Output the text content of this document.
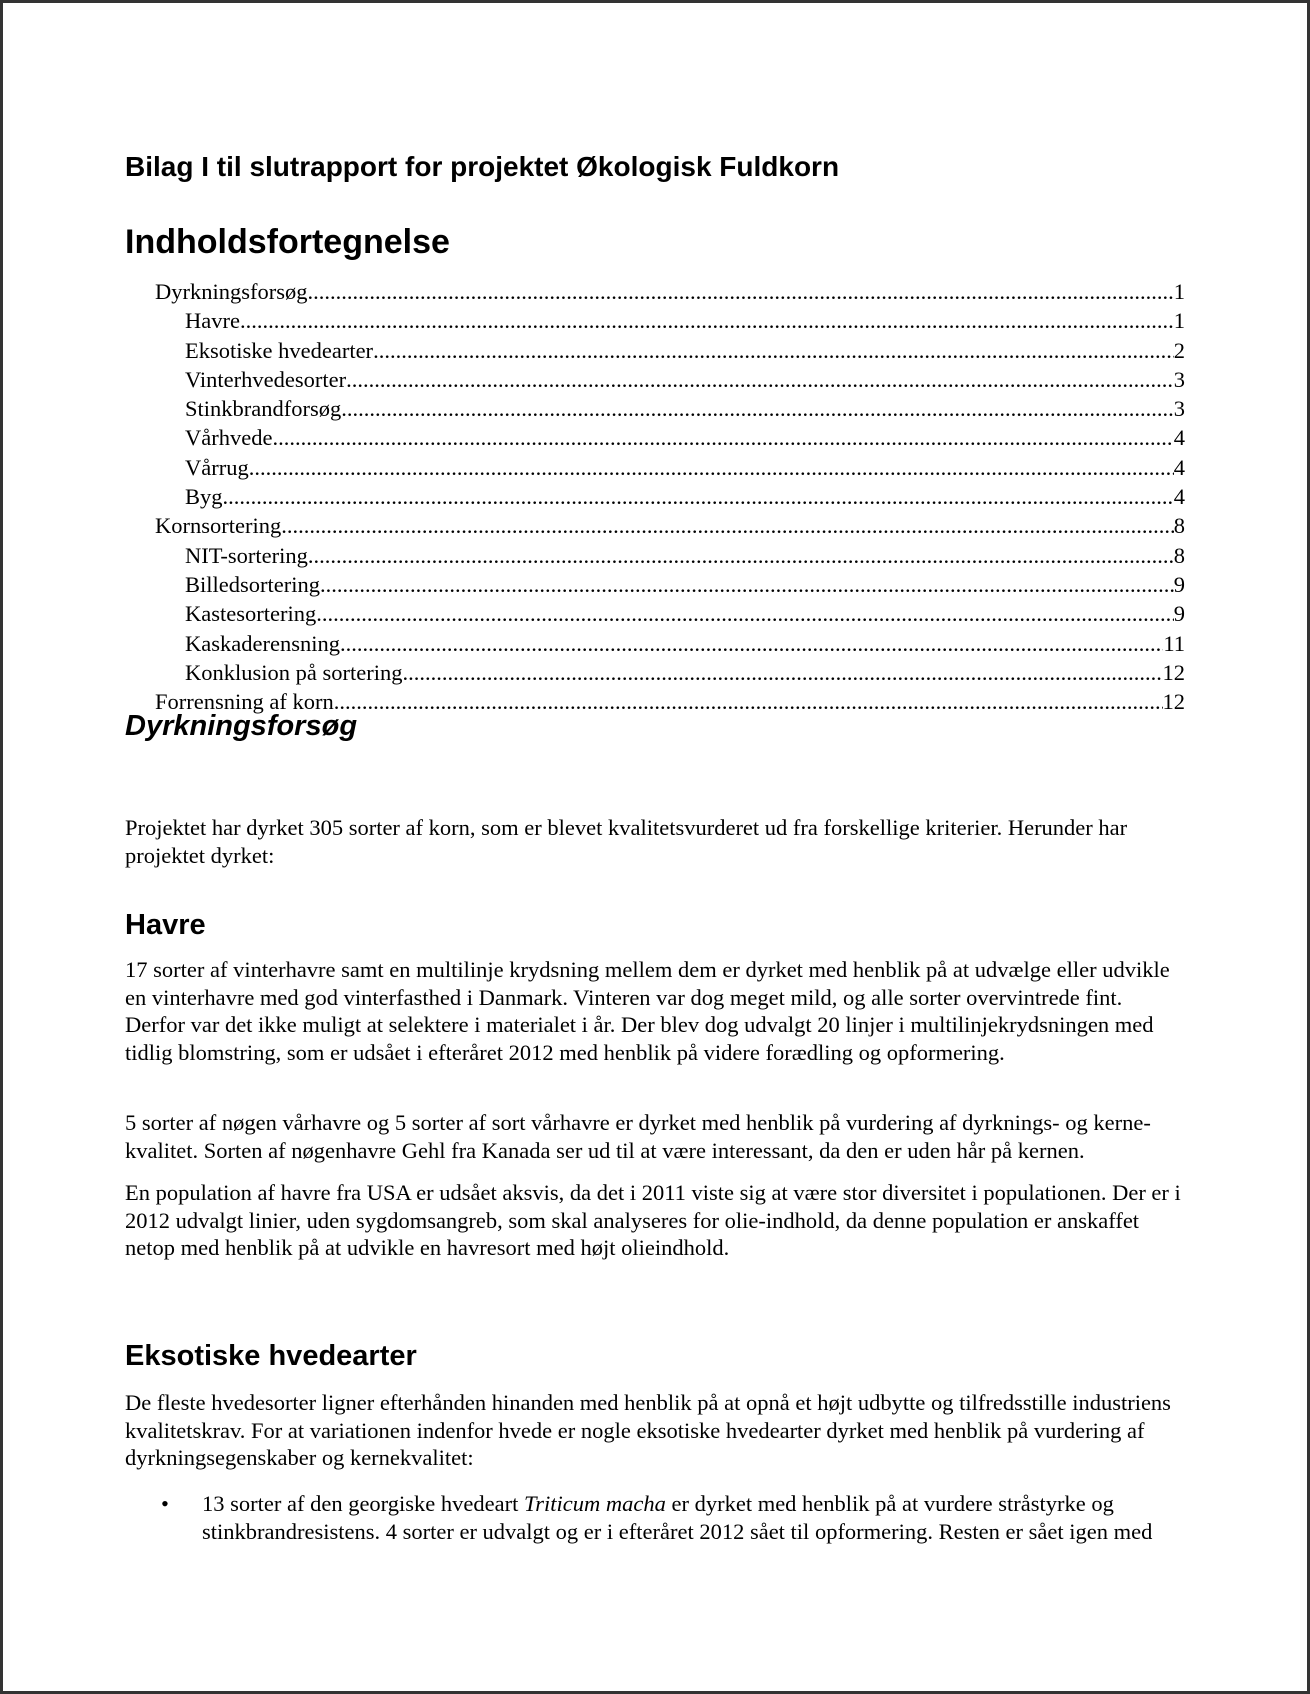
Bilag I til slutrapport for projektet Økologisk Fuldkorn
Indholdsfortegnelse
Dyrkningsforsøg .....	1
Havre .....	1
Eksotiske hvedearter .....	2
Vinterhvedesorter .....	3
Stinkbrandforsøg .....	3
Vårhvede .....	4
Vårrug .....	4
Byg .....	4
Kornsortering .....	8
NIT-sortering .....	8
Billedsortering .....	9
Kastesortering .....	9
Kaskaderensning .....	11
Konklusion på sortering .....	12
Forrensning af korn .....	12
Dyrkningsforsøg

Projektet har dyrket 305 sorter af korn, som er blevet kvalitetsvurderet ud fra forskellige kriterier. Herunder har projektet dyrket:

Havre

17 sorter af vinterhavre samt en multilinje krydsning mellem dem er dyrket med henblik på at udvælge eller udvikle en vinterhavre med god vinterfasthed i Danmark. Vinteren var dog meget mild, og alle sorter overvintrede fint. Derfor var det ikke muligt at selektere i materialet i år. Der blev dog udvalgt 20 linjer i multilinjekrydsningen med tidlig blomstring, som er udsået i efteråret 2012 med henblik på videre forædling og opformering.

5 sorter af nøgen vårhavre og 5 sorter af sort vårhavre er dyrket med henblik på vurdering af dyrknings- og kerne-kvalitet. Sorten af nøgenhavre Gehl fra Kanada ser ud til at være interessant, da den er uden hår på kernen.

En population af havre fra USA er udsået aksvis, da det i 2011 viste sig at være stor diversitet i populationen. Der er i 2012 udvalgt linier, uden sygdomsangreb, som skal analyseres for olie-indhold, da denne population er anskaffet netop med henblik på at udvikle en havresort med højt olieindhold.

Eksotiske hvedearter

De fleste hvedesorter ligner efterhånden hinanden med henblik på at opnå et højt udbytte og tilfredsstille industriens kvalitetskrav. For at variationen indenfor hvede er nogle eksotiske hvedearter dyrket med henblik på vurdering af dyrkningsegenskaber og kernekvalitet:

• 13 sorter af den georgiske hvedeart Triticum macha er dyrket med henblik på at vurdere stråstyrke og stinkbrandresistens. 4 sorter er udvalgt og er i efteråret 2012 sået til opformering. Resten er sået igen med
